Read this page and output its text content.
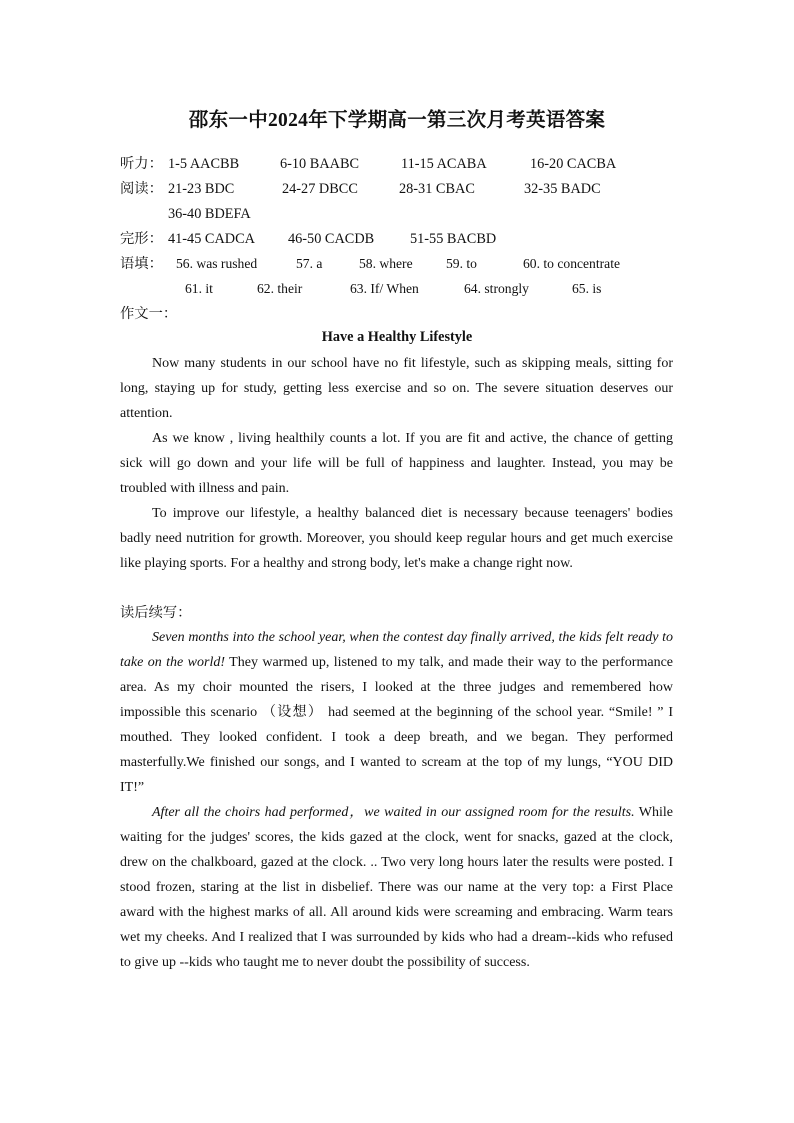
邵东一中2024年下学期高一第三次月考英语答案
听力： 1-5 AACBB	6-10 BAABC	11-15 ACABA	16-20 CACBA
阅读： 21-23 BDC	24-27 DBCC	28-31 CBAC	32-35 BADC
36-40 BDEFA
完形： 41-45 CADCA 46-50 CACDB	51-55 BACBD
语填： 56. was rushed	57. a	58. where 59. to	60. to concentrate
61. it	62. their	63. If/ When	64. strongly	65. is
作文一：
Have a Healthy Lifestyle
Now many students in our school have no fit lifestyle, such as skipping meals, sitting for long, staying up for study, getting less exercise and so on. The severe situation deserves our attention.
As we know , living healthily counts a lot. If you are fit and active, the chance of getting sick will go down and your life will be full of happiness and laughter. Instead, you may be troubled with illness and pain.
To improve our lifestyle, a healthy balanced diet is necessary because teenagers' bodies badly need nutrition for growth. Moreover, you should keep regular hours and get much exercise like playing sports. For a healthy and strong body, let's make a change right now.
读后续写：
Seven months into the school year, when the contest day finally arrived, the kids felt ready to take on the world! They warmed up, listened to my talk, and made their way to the performance area. As my choir mounted the risers, I looked at the three judges and remembered how impossible this scenario （设想） had seemed at the beginning of the school year. “Smile! ” I mouthed. They looked confident. I took a deep breath, and we began. They performed masterfully.We finished our songs, and I wanted to scream at the top of my lungs, “YOU DID IT!”
After all the choirs had performed，we waited in our assigned room for the results. While waiting for the judges' scores, the kids gazed at the clock, went for snacks, gazed at the clock, drew on the chalkboard, gazed at the clock. .. Two very long hours later the results were posted. I stood frozen, staring at the list in disbelief. There was our name at the very top: a First Place award with the highest marks of all. All around kids were screaming and embracing. Warm tears wet my cheeks. And I realized that I was surrounded by kids who had a dream--kids who refused to give up --kids who taught me to never doubt the possibility of success.
